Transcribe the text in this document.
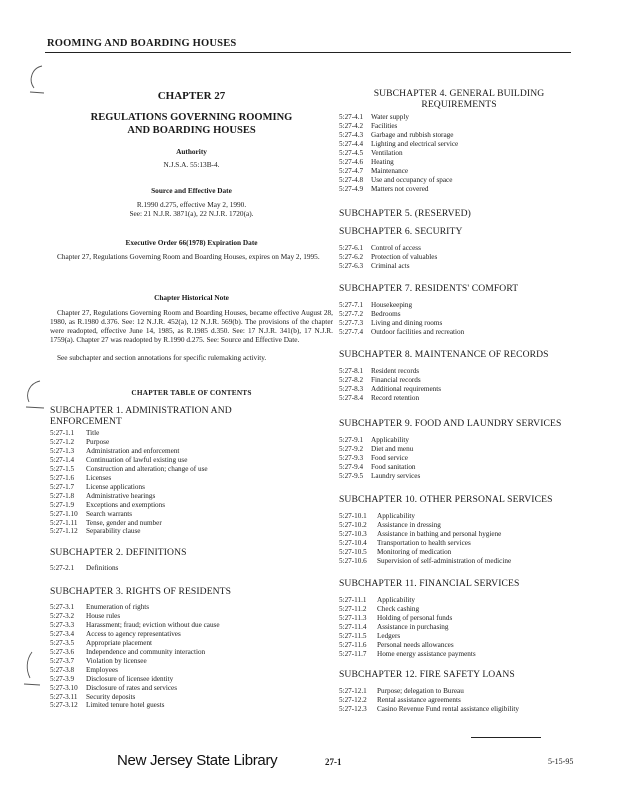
ROOMING AND BOARDING HOUSES
CHAPTER 27
REGULATIONS GOVERNING ROOMING AND BOARDING HOUSES
Authority
N.J.S.A. 55:13B-4.
Source and Effective Date
R.1990 d.275, effective May 2, 1990.
See: 21 N.J.R. 3871(a), 22 N.J.R. 1720(a).
Executive Order 66(1978) Expiration Date
Chapter 27, Regulations Governing Room and Boarding Houses, expires on May 2, 1995.
Chapter Historical Note
Chapter 27, Regulations Governing Room and Boarding Houses, became effective August 28, 1980, as R.1980 d.376. See: 12 N.J.R. 452(a), 12 N.J.R. 569(b). The provisions of the chapter were readopted, effective June 14, 1985, as R.1985 d.350. See: 17 N.J.R. 341(b), 17 N.J.R. 1759(a). Chapter 27 was readopted by R.1990 d.275. See: Source and Effective Date.
See subchapter and section annotations for specific rulemaking activity.
CHAPTER TABLE OF CONTENTS
SUBCHAPTER 1. ADMINISTRATION AND ENFORCEMENT
5:27-1.1	Title
5:27-1.2	Purpose
5:27-1.3	Administration and enforcement
5:27-1.4	Continuation of lawful existing use
5:27-1.5	Construction and alteration; change of use
5:27-1.6	Licenses
5:27-1.7	License applications
5:27-1.8	Administrative hearings
5:27-1.9	Exceptions and exemptions
5:27-1.10	Search warrants
5:27-1.11	Tense, gender and number
5:27-1.12	Separability clause
SUBCHAPTER 2. DEFINITIONS
5:27-2.1	Definitions
SUBCHAPTER 3. RIGHTS OF RESIDENTS
5:27-3.1	Enumeration of rights
5:27-3.2	House rules
5:27-3.3	Harassment; fraud; eviction without due cause
5:27-3.4	Access to agency representatives
5:27-3.5	Appropriate placement
5:27-3.6	Independence and community interaction
5:27-3.7	Violation by licensee
5:27-3.8	Employees
5:27-3.9	Disclosure of licensee identity
5:27-3.10	Disclosure of rates and services
5:27-3.11	Security deposits
5:27-3.12	Limited tenure hotel guests
SUBCHAPTER 4. GENERAL BUILDING REQUIREMENTS
5:27-4.1	Water supply
5:27-4.2	Facilities
5:27-4.3	Garbage and rubbish storage
5:27-4.4	Lighting and electrical service
5:27-4.5	Ventilation
5:27-4.6	Heating
5:27-4.7	Maintenance
5:27-4.8	Use and occupancy of space
5:27-4.9	Matters not covered
SUBCHAPTER 5. (RESERVED)
SUBCHAPTER 6. SECURITY
5:27-6.1	Control of access
5:27-6.2	Protection of valuables
5:27-6.3	Criminal acts
SUBCHAPTER 7. RESIDENTS' COMFORT
5:27-7.1	Housekeeping
5:27-7.2	Bedrooms
5:27-7.3	Living and dining rooms
5:27-7.4	Outdoor facilities and recreation
SUBCHAPTER 8. MAINTENANCE OF RECORDS
5:27-8.1	Resident records
5:27-8.2	Financial records
5:27-8.3	Additional requirements
5:27-8.4	Record retention
SUBCHAPTER 9. FOOD AND LAUNDRY SERVICES
5:27-9.1	Applicability
5:27-9.2	Diet and menu
5:27-9.3	Food service
5:27-9.4	Food sanitation
5:27-9.5	Laundry services
SUBCHAPTER 10. OTHER PERSONAL SERVICES
5:27-10.1	Applicability
5:27-10.2	Assistance in dressing
5:27-10.3	Assistance in bathing and personal hygiene
5:27-10.4	Transportation to health services
5:27-10.5	Monitoring of medication
5:27-10.6	Supervision of self-administration of medicine
SUBCHAPTER 11. FINANCIAL SERVICES
5:27-11.1	Applicability
5:27-11.2	Check cashing
5:27-11.3	Holding of personal funds
5:27-11.4	Assistance in purchasing
5:27-11.5	Ledgers
5:27-11.6	Personal needs allowances
5:27-11.7	Home energy assistance payments
SUBCHAPTER 12. FIRE SAFETY LOANS
5:27-12.1	Purpose; delegation to Bureau
5:27-12.2	Rental assistance agreements
5:27-12.3	Casino Revenue Fund rental assistance eligibility
New Jersey State Library	27-1	5-15-95
